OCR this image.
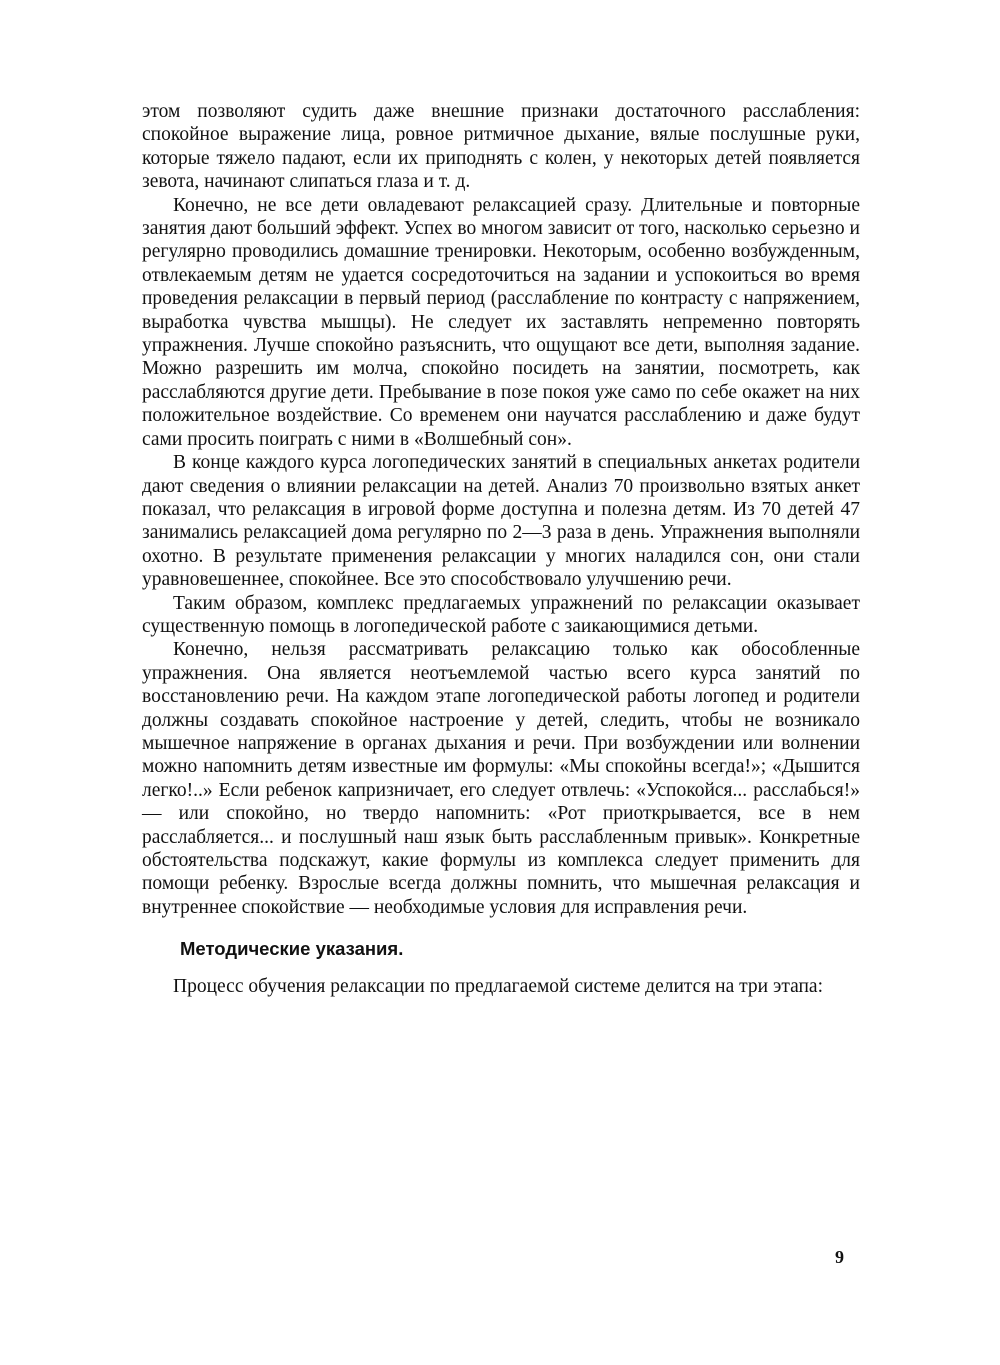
этом позволяют судить даже внешние признаки достаточного расслабления: спокойное выражение лица, ровное ритмичное дыхание, вялые послушные руки, которые тяжело падают, если их приподнять с колен, у некоторых детей появляется зевота, начинают слипаться глаза и т. д.

Конечно, не все дети овладевают релаксацией сразу. Длительные и повторные занятия дают больший эффект. Успех во многом зависит от того, насколько серьезно и регулярно проводились домашние тренировки. Некоторым, особенно возбужденным, отвлекаемым детям не удается сосредоточиться на задании и успокоиться во время проведения релаксации в первый период (расслабление по контрасту с напряжением, выработка чувства мышцы). Не следует их заставлять непременно повторять упражнения. Лучше спокойно разъяснить, что ощущают все дети, выполняя задание. Можно разрешить им молча, спокойно посидеть на занятии, посмотреть, как расслабляются другие дети. Пребывание в позе покоя уже само по себе окажет на них положительное воздействие. Со временем они научатся расслаблению и даже будут сами просить поиграть с ними в «Волшебный сон».

В конце каждого курса логопедических занятий в специальных анкетах родители дают сведения о влиянии релаксации на детей. Анализ 70 произвольно взятых анкет показал, что релаксация в игровой форме доступна и полезна детям. Из 70 детей 47 занимались релаксацией дома регулярно по 2—3 раза в день. Упражнения выполняли охотно. В результате применения релаксации у многих наладился сон, они стали уравновешеннее, спокойнее. Все это способствовало улучшению речи.

Таким образом, комплекс предлагаемых упражнений по релаксации оказывает существенную помощь в логопедической работе с заикающимися детьми.

Конечно, нельзя рассматривать релаксацию только как обособленные упражнения. Она является неотъемлемой частью всего курса занятий по восстановлению речи. На каждом этапе логопедической работы логопед и родители должны создавать спокойное настроение у детей, следить, чтобы не возникало мышечное напряжение в органах дыхания и речи. При возбуждении или волнении можно напомнить детям известные им формулы: «Мы спокойны всегда!»; «Дышится легко!..» Если ребенок капризничает, его следует отвлечь: «Успокойся... расслабься!» — или спокойно, но твердо напомнить: «Рот приоткрывается, все в нем расслабляется... и послушный наш язык быть расслабленным привык». Конкретные обстоятельства подскажут, какие формулы из комплекса следует применить для помощи ребенку. Взрослые всегда должны помнить, что мышечная релаксация и внутреннее спокойствие — необходимые условия для исправления речи.

Методические указания.

Процесс обучения релаксации по предлагаемой системе делится на три этапа:

9
